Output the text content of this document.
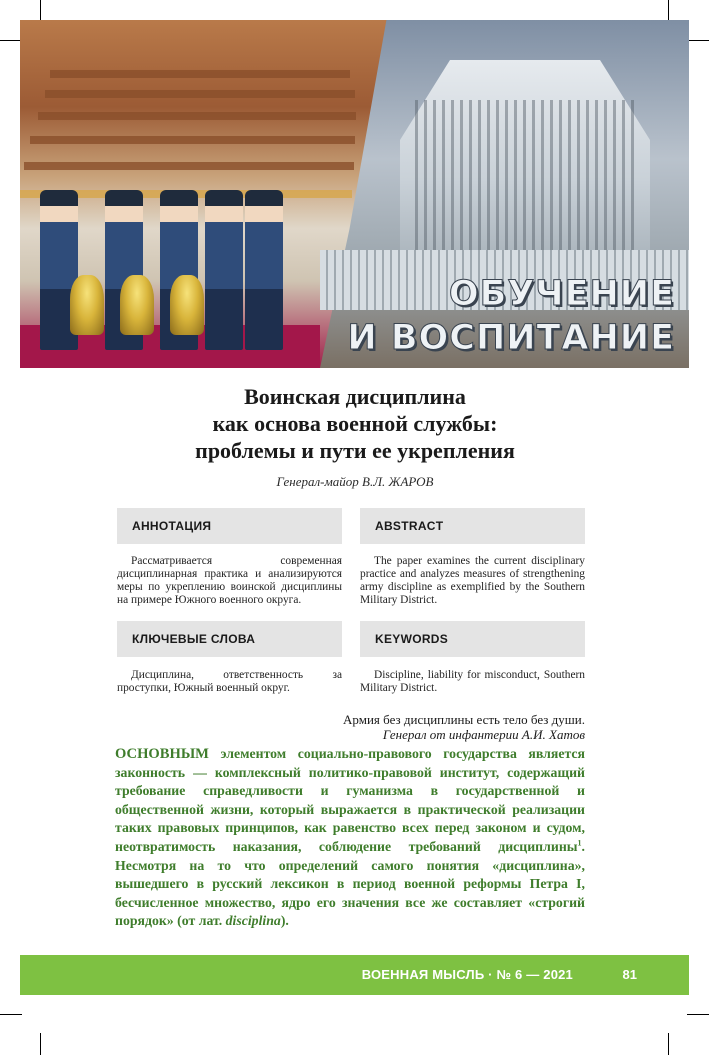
ОБУЧЕНИЕ
И ВОСПИТАНИЕ
Воинская дисциплина
как основа военной службы:
проблемы и пути ее укрепления
Генерал-майор В.Л. ЖАРОВ
АННОТАЦИЯ
Рассматривается современная дисциплинарная практика и анализируются меры по укреплению воинской дисциплины на примере Южного военного округа.
ABSTRACT
The paper examines the current disciplinary practice and analyzes measures of strengthening army discipline as exemplified by the Southern Military District.
КЛЮЧЕВЫЕ СЛОВА
Дисциплина, ответственность за проступки, Южный военный округ.
KEYWORDS
Discipline, liability for misconduct, Southern Military District.
Армия без дисциплины есть тело без души.
Генерал от инфантерии А.И. Хатов
ОСНОВНЫМ элементом социально-правового государства является законность — комплексный политико-правовой институт, содержащий требование справедливости и гуманизма в государственной и общественной жизни, который выражается в практической реализации таких правовых принципов, как равенство всех перед законом и судом, неотвратимость наказания, соблюдение требований дисциплины$^1$. Несмотря на то что определений самого понятия «дисциплина», вышедшего в русский лексикон в период военной реформы Петра I, бесчисленное множество, ядро его значения все же составляет «строгий порядок» (от лат. disciplina).
ВОЕННАЯ МЫСЛЬ · № 6 — 2021	81
